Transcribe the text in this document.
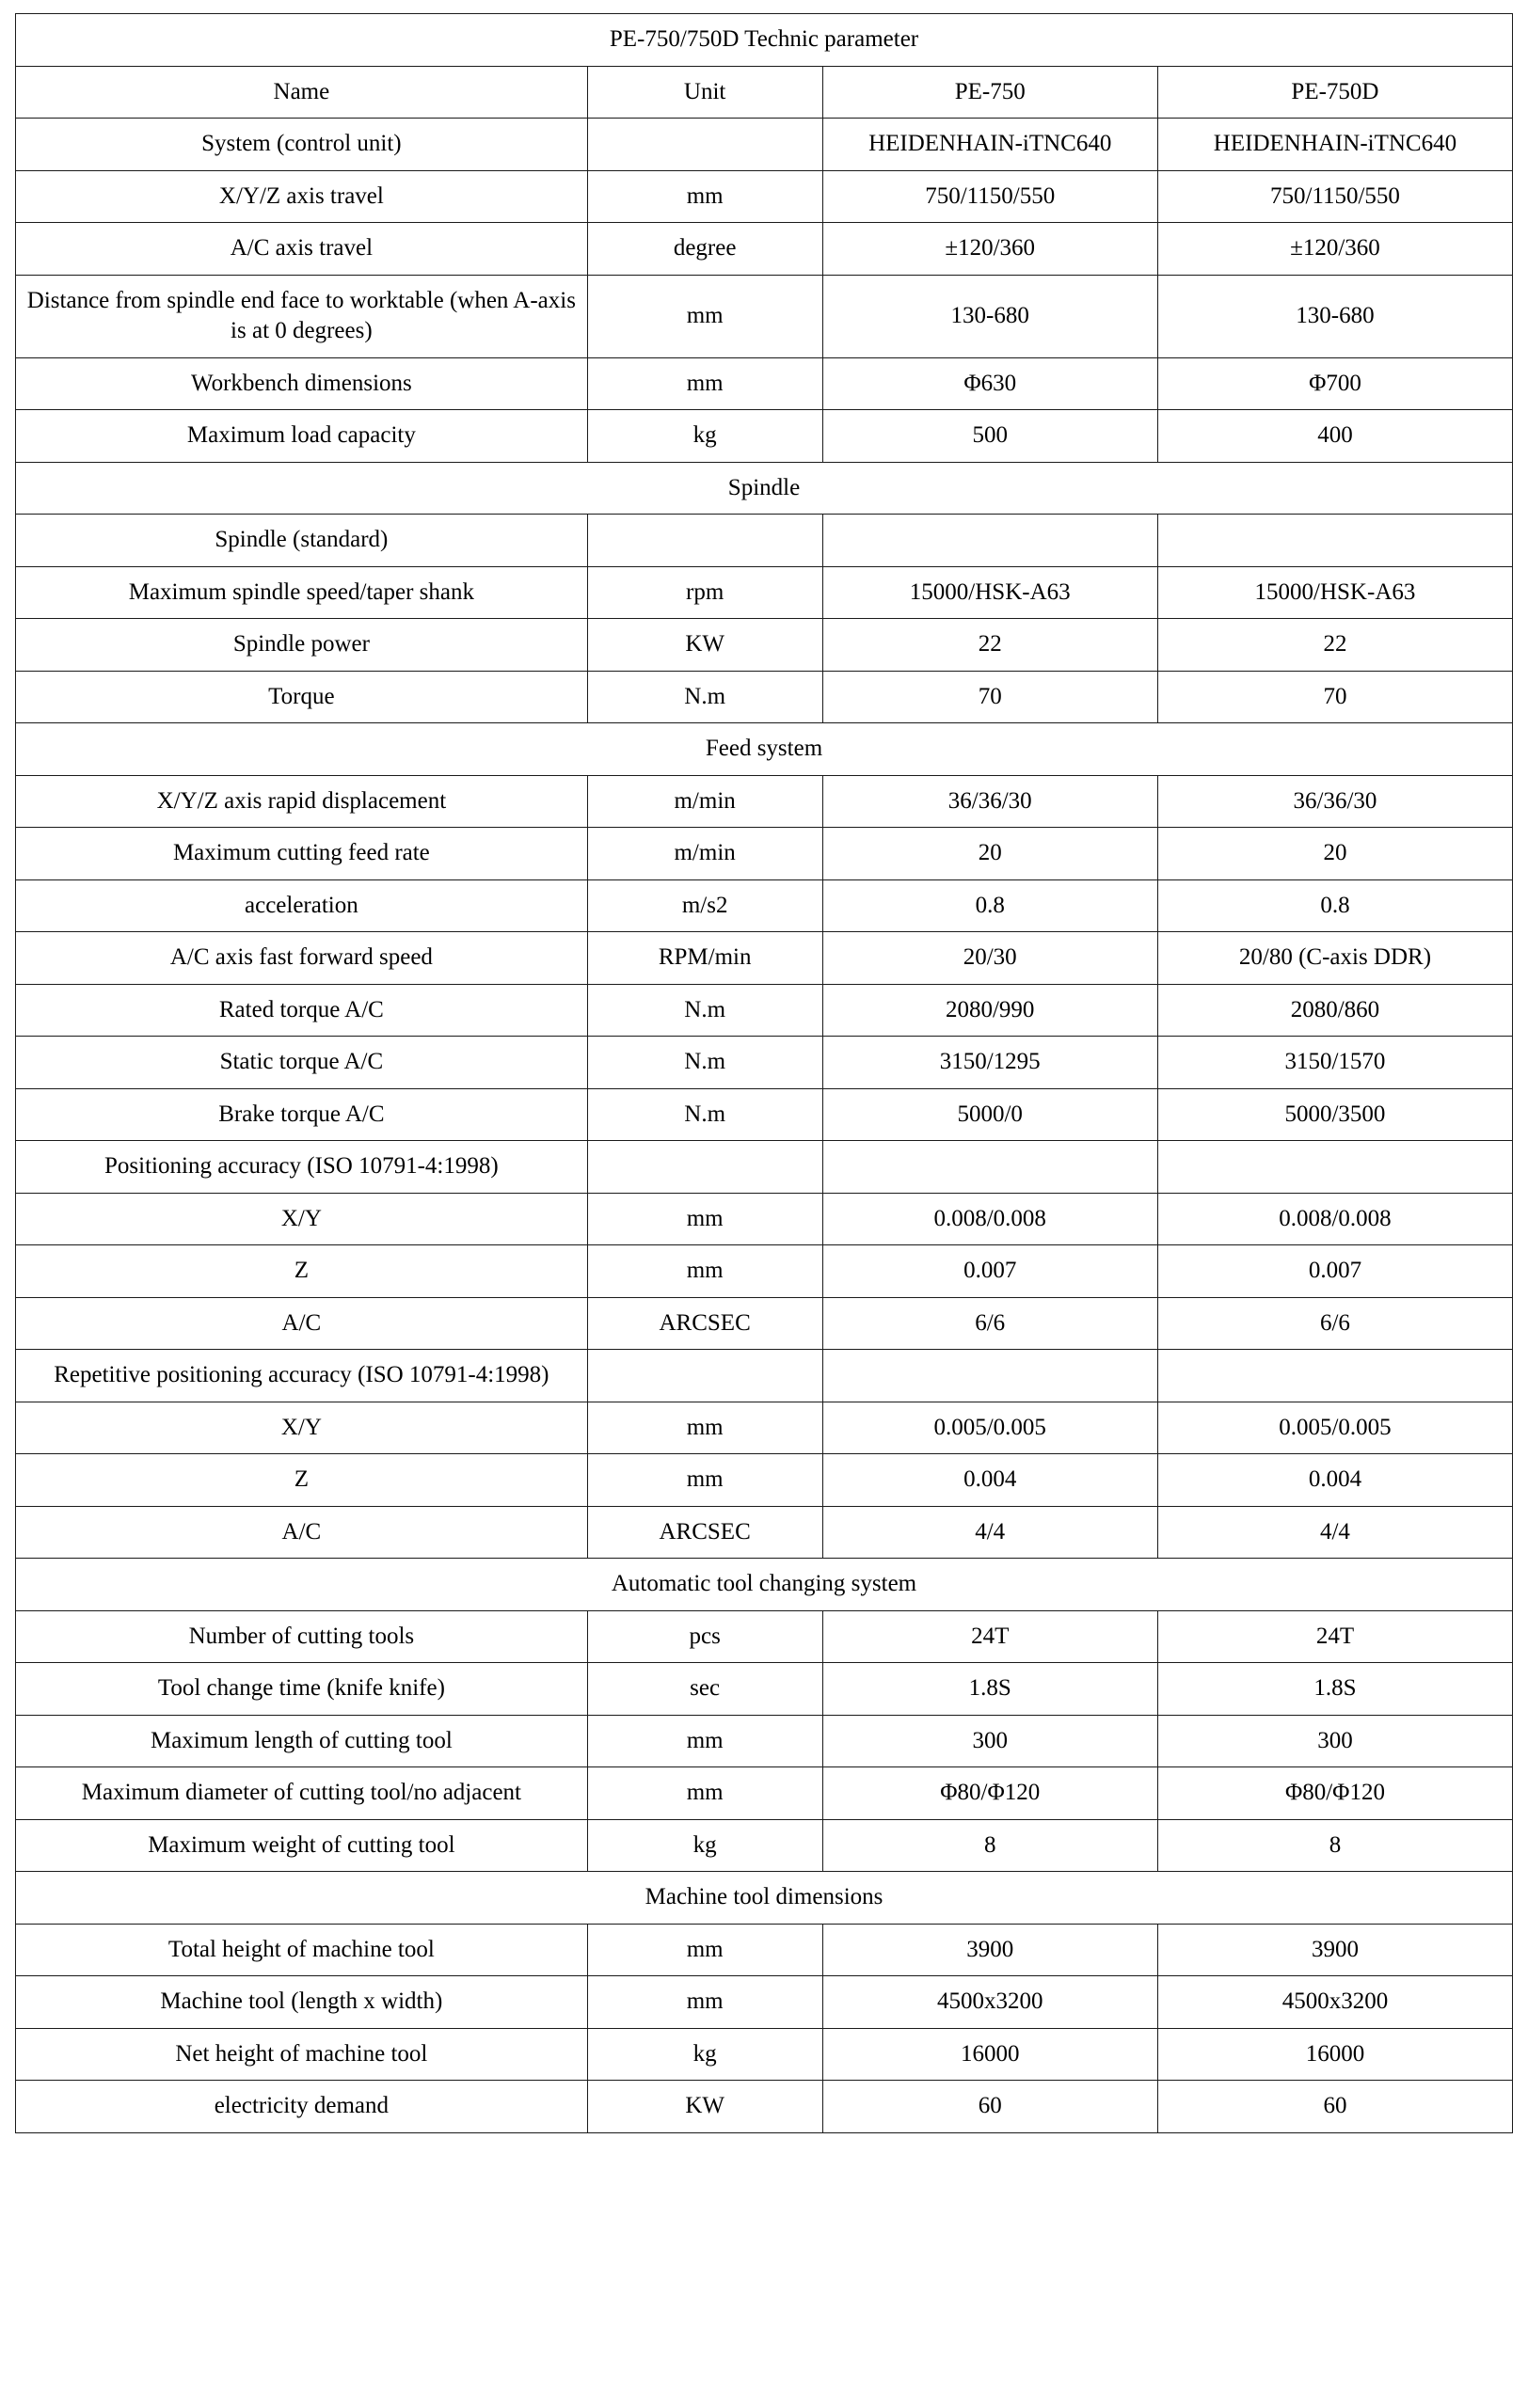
PE-750/750D Technic parameter			
Name	Unit	PE-750	PE-750D
System (control unit)		HEIDENHAIN-iTNC640	HEIDENHAIN-iTNC640
X/Y/Z axis travel	mm	750/1150/550	750/1150/550
A/C axis travel	degree	±120/360	±120/360
Distance from spindle end face to worktable (when A-axis is at 0 degrees)	mm	130-680	130-680
Workbench dimensions	mm	Φ630	Φ700
Maximum load capacity	kg	500	400
Spindle			
Spindle (standard)			
Maximum spindle speed/taper shank	rpm	15000/HSK-A63	15000/HSK-A63
Spindle power	KW	22	22
Torque	N.m	70	70
Feed system			
X/Y/Z axis rapid displacement	m/min	36/36/30	36/36/30
Maximum cutting feed rate	m/min	20	20
acceleration	m/s2	0.8	0.8
A/C axis fast forward speed	RPM/min	20/30	20/80 (C-axis DDR)
Rated torque A/C	N.m	2080/990	2080/860
Static torque A/C	N.m	3150/1295	3150/1570
Brake torque A/C	N.m	5000/0	5000/3500
Positioning accuracy (ISO 10791-4:1998)			
X/Y	mm	0.008/0.008	0.008/0.008
Z	mm	0.007	0.007
A/C	ARCSEC	6/6	6/6
Repetitive positioning accuracy (ISO 10791-4:1998)			
X/Y	mm	0.005/0.005	0.005/0.005
Z	mm	0.004	0.004
A/C	ARCSEC	4/4	4/4
Automatic tool changing system			
Number of cutting tools	pcs	24T	24T
Tool change time (knife knife)	sec	1.8S	1.8S
Maximum length of cutting tool	mm	300	300
Maximum diameter of cutting tool/no adjacent	mm	Φ80/Φ120	Φ80/Φ120
Maximum weight of cutting tool	kg	8	8
Machine tool dimensions			
Total height of machine tool	mm	3900	3900
Machine tool (length x width)	mm	4500x3200	4500x3200
Net height of machine tool	kg	16000	16000
electricity demand	KW	60	60
